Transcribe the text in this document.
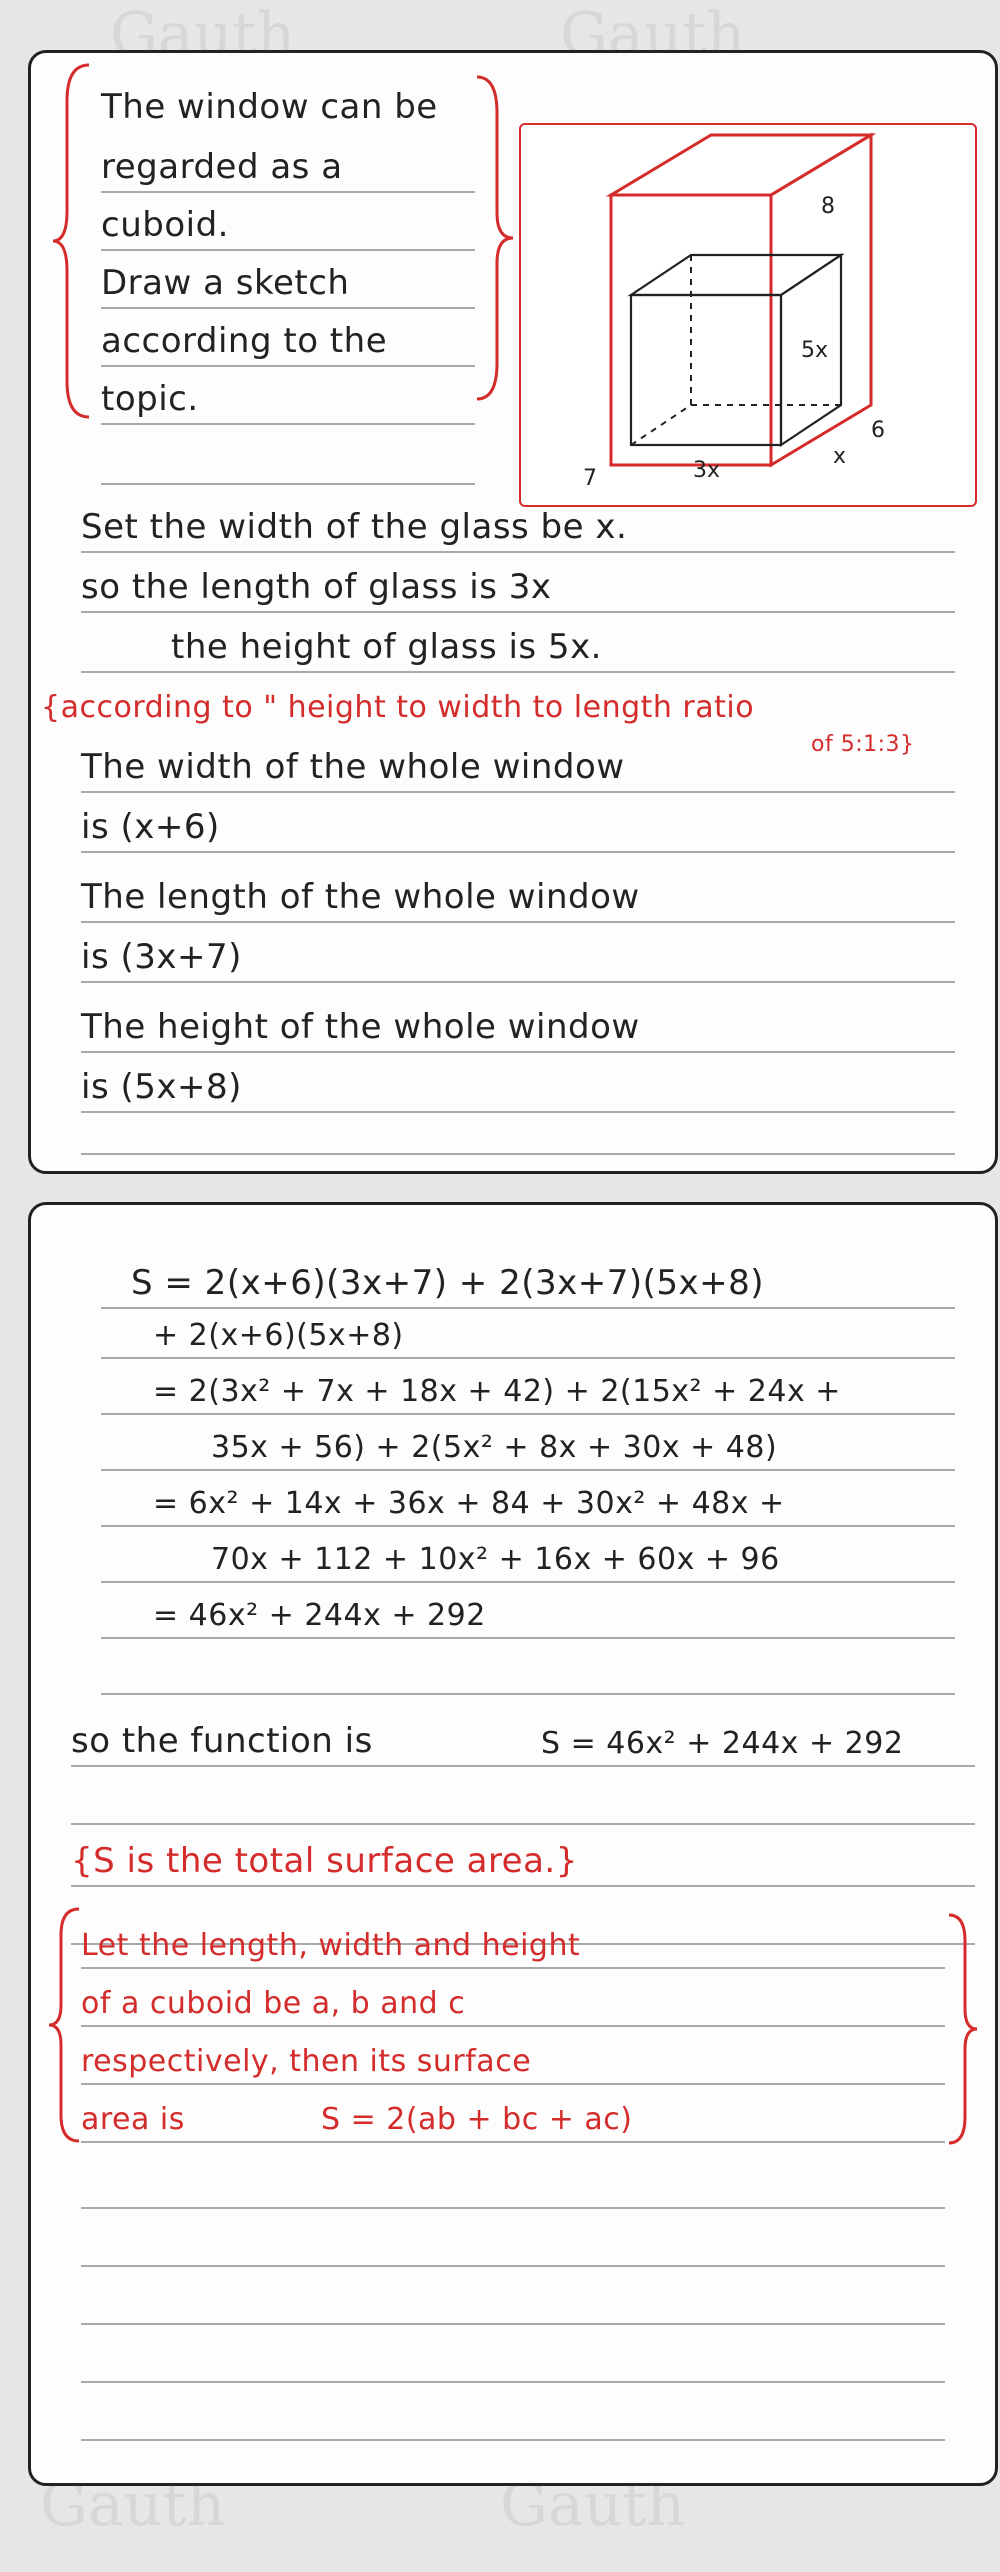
Gauth	Gauth
Gauth	Gauth
The window can be
regarded as a
cuboid.
Draw a sketch
according to the
topic.
8
5x
6
x
3x
7
Set the width of the glass be x.
so the length of glass is 3x
the height of glass is 5x.
{according to " height to width to length ratio
The width of the whole window
of 5:1:3}
is (x+6)
The length of the whole window
is (3x+7)
The height of the whole window
is (5x+8)
S = 2(x+6)(3x+7) + 2(3x+7)(5x+8)
+ 2(x+6)(5x+8)
= 2(3x² + 7x + 18x + 42) + 2(15x² + 24x +
35x + 56) + 2(5x² + 8x + 30x + 48)
= 6x² + 14x + 36x + 84 + 30x² + 48x +
70x + 112 + 10x² + 16x + 60x + 96
= 46x² + 244x + 292
so the function is	S = 46x² + 244x + 292
{S is the total surface area.}
Let the length, width and height
of a cuboid be a, b and c
respectively, then its surface
area is	S = 2(ab + bc + ac)
